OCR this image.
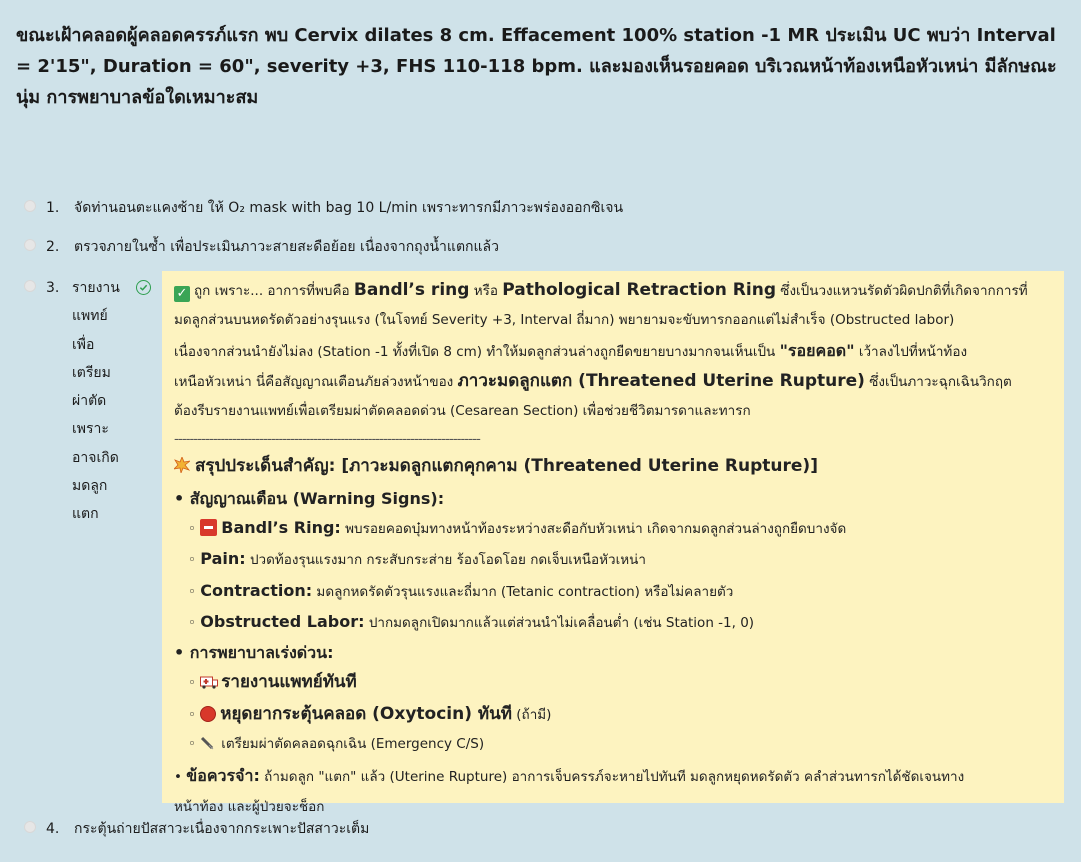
ขณะเฝ้าคลอดผู้คลอดครรภ์แรก พบ Cervix dilates 8 cm. Effacement 100% station -1 MR ประเมิน UC พบว่า Interval = 2'15", Duration = 60", severity +3, FHS 110-118 bpm. และมองเห็นรอยคอด บริเวณหน้าท้องเหนือหัวเหน่า มีลักษณะนุ่ม การพยาบาลข้อใดเหมาะสม
1.	จัดท่านอนตะแคงซ้าย ให้ O₂ mask with bag 10 L/min เพราะทารกมีภาวะพร่องออกซิเจน
2.	ตรวจภายในซ้ำ เพื่อประเมินภาวะสายสะดือย้อย เนื่องจากถุงน้ำแตกแล้ว
3. รายงาน
แพทย์
เพื่อ
เตรียม
ผ่าตัด
เพราะ
อาจเกิด
มดลูก
แตก
✓ ถูก เพราะ... อาการที่พบคือ Bandl’s ring หรือ Pathological Retraction Ring ซึ่งเป็นวงแหวนรัดตัวผิดปกติที่เกิดจากการที่
มดลูกส่วนบนหดรัดตัวอย่างรุนแรง (ในโจทย์ Severity +3, Interval ถี่มาก) พยายามจะขับทารกออกแต่ไม่สำเร็จ (Obstructed labor)
เนื่องจากส่วนนำยังไม่ลง (Station -1 ทั้งที่เปิด 8 cm) ทำให้มดลูกส่วนล่างถูกยืดขยายบางมากจนเห็นเป็น "รอยคอด" เว้าลงไปที่หน้าท้อง
เหนือหัวเหน่า นี่คือสัญญาณเตือนภัยล่วงหน้าของ ภาวะมดลูกแตก (Threatened Uterine Rupture) ซึ่งเป็นภาวะฉุกเฉินวิกฤต
ต้องรีบรายงานแพทย์เพื่อเตรียมผ่าตัดคลอดด่วน (Cesarean Section) เพื่อช่วยชีวิตมารดาและทารก
-------------------------------------------------------------------------------
สรุปประเด็นสำคัญ: [ภาวะมดลูกแตกคุกคาม (Threatened Uterine Rupture)]
• สัญญาณเตือน (Warning Signs):
◦ Bandl’s Ring: พบรอยคอดบุ๋มทางหน้าท้องระหว่างสะดือกับหัวเหน่า เกิดจากมดลูกส่วนล่างถูกยืดบางจัด
◦ Pain: ปวดท้องรุนแรงมาก กระสับกระส่าย ร้องโอดโอย กดเจ็บเหนือหัวเหน่า
◦ Contraction: มดลูกหดรัดตัวรุนแรงและถี่มาก (Tetanic contraction) หรือไม่คลายตัว
◦ Obstructed Labor: ปากมดลูกเปิดมากแล้วแต่ส่วนนำไม่เคลื่อนต่ำ (เช่น Station -1, 0)
• การพยาบาลเร่งด่วน:
◦ รายงานแพทย์ทันที
◦ หยุดยากระตุ้นคลอด (Oxytocin) ทันที (ถ้ามี)
◦ เตรียมผ่าตัดคลอดฉุกเฉิน (Emergency C/S)
• ข้อควรจำ: ถ้ามดลูก "แตก" แล้ว (Uterine Rupture) อาการเจ็บครรภ์จะหายไปทันที มดลูกหยุดหดรัดตัว คลำส่วนทารกได้ชัดเจนทาง
หน้าท้อง และผู้ป่วยจะช็อก
4.	กระตุ้นถ่ายปัสสาวะเนื่องจากกระเพาะปัสสาวะเต็ม
